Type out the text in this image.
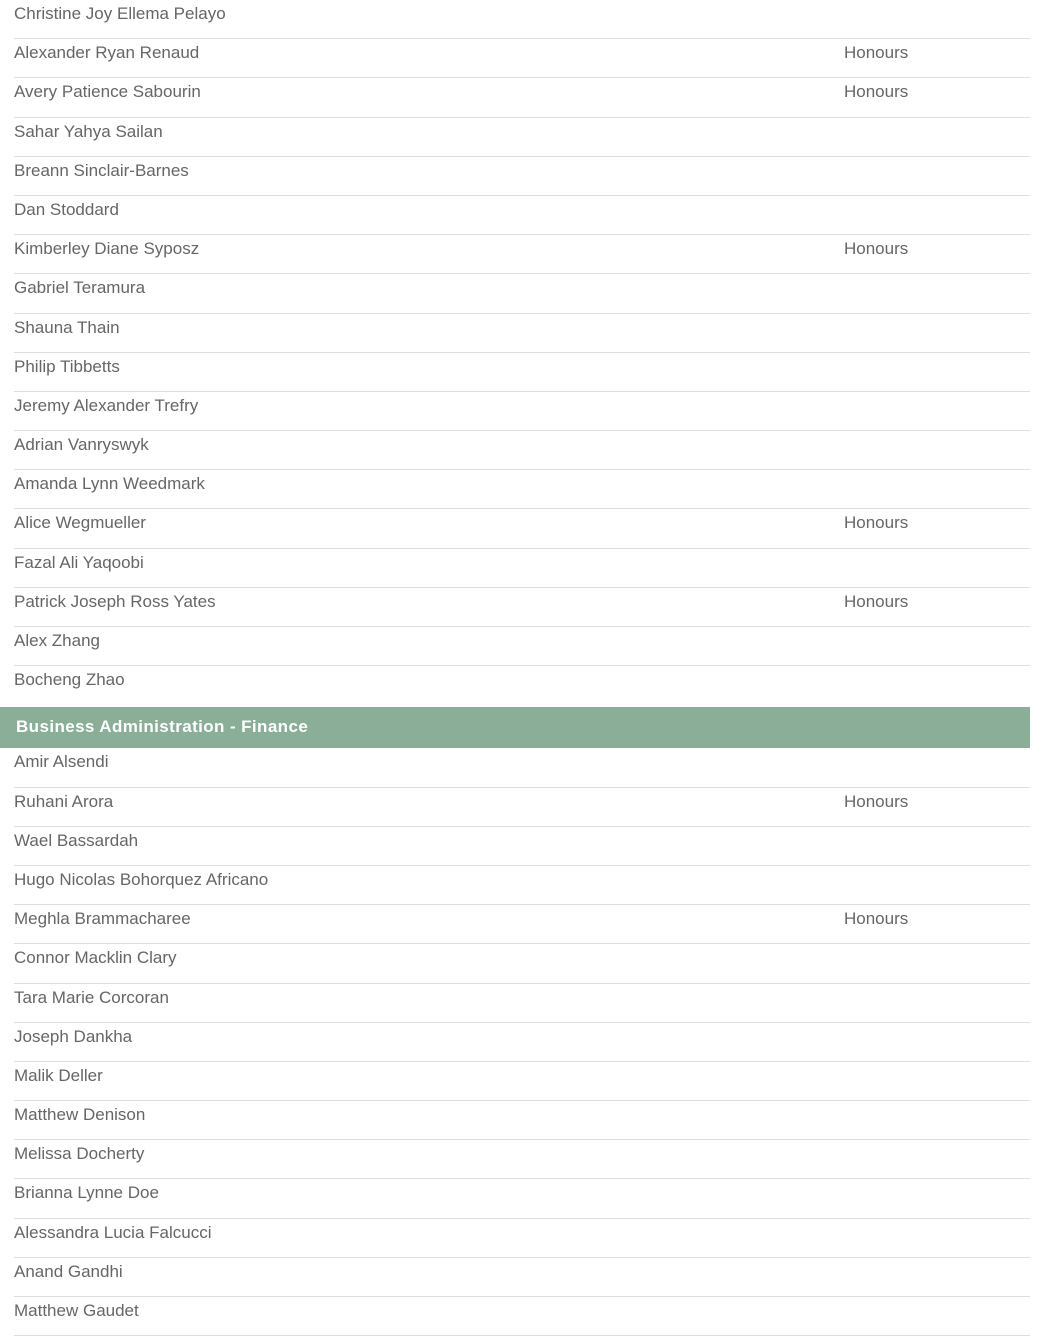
Christine Joy Ellema Pelayo
Alexander Ryan Renaud	Honours
Avery Patience Sabourin	Honours
Sahar Yahya Sailan
Breann Sinclair-Barnes
Dan Stoddard
Kimberley Diane Syposz	Honours
Gabriel Teramura
Shauna Thain
Philip Tibbetts
Jeremy Alexander Trefry
Adrian Vanryswyk
Amanda Lynn Weedmark
Alice Wegmueller	Honours
Fazal Ali Yaqoobi
Patrick Joseph Ross Yates	Honours
Alex Zhang
Bocheng Zhao
Business Administration - Finance
Amir Alsendi
Ruhani Arora	Honours
Wael Bassardah
Hugo Nicolas Bohorquez Africano
Meghla Brammacharee	Honours
Connor Macklin Clary
Tara Marie Corcoran
Joseph Dankha
Malik Deller
Matthew Denison
Melissa Docherty
Brianna Lynne Doe
Alessandra Lucia Falcucci
Anand Gandhi
Matthew Gaudet
